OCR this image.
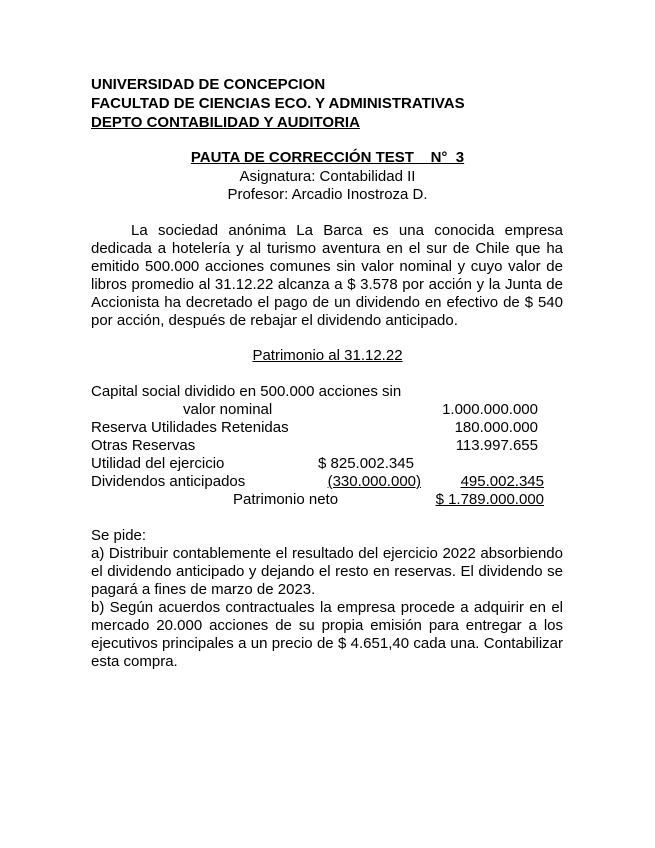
UNIVERSIDAD DE CONCEPCION
FACULTAD DE CIENCIAS ECO. Y ADMINISTRATIVAS
DEPTO CONTABILIDAD Y AUDITORIA
PAUTA DE CORRECCIÓN TEST    N°  3
Asignatura: Contabilidad II
Profesor: Arcadio Inostroza D.
La sociedad anónima La Barca es una conocida empresa
dedicada a hotelería y al turismo aventura en el sur de Chile que ha
emitido 500.000 acciones comunes sin valor nominal y cuyo valor de
libros promedio al 31.12.22 alcanza a $ 3.578 por acción y la Junta de
Accionista ha decretado el pago de un dividendo en efectivo de $ 540
por acción, después de rebajar el dividendo anticipado.
Patrimonio al 31.12.22
Capital social dividido en 500.000 acciones sin
valor nominal	1.000.000.000
Reserva Utilidades Retenidas	180.000.000
Otras Reservas	113.997.655
Utilidad del ejercicio	$ 825.002.345
Dividendos anticipados	(330.000.000)	495.002.345
Patrimonio neto	$ 1.789.000.000
Se pide:
a) Distribuir contablemente el resultado del ejercicio 2022 absorbiendo
el dividendo anticipado y dejando el resto en reservas. El dividendo se
pagará a fines de marzo de 2023.
b) Según acuerdos contractuales la empresa procede a adquirir en el
mercado 20.000 acciones de su propia emisión para entregar a los
ejecutivos principales a un precio de $ 4.651,40 cada una. Contabilizar
esta compra.
